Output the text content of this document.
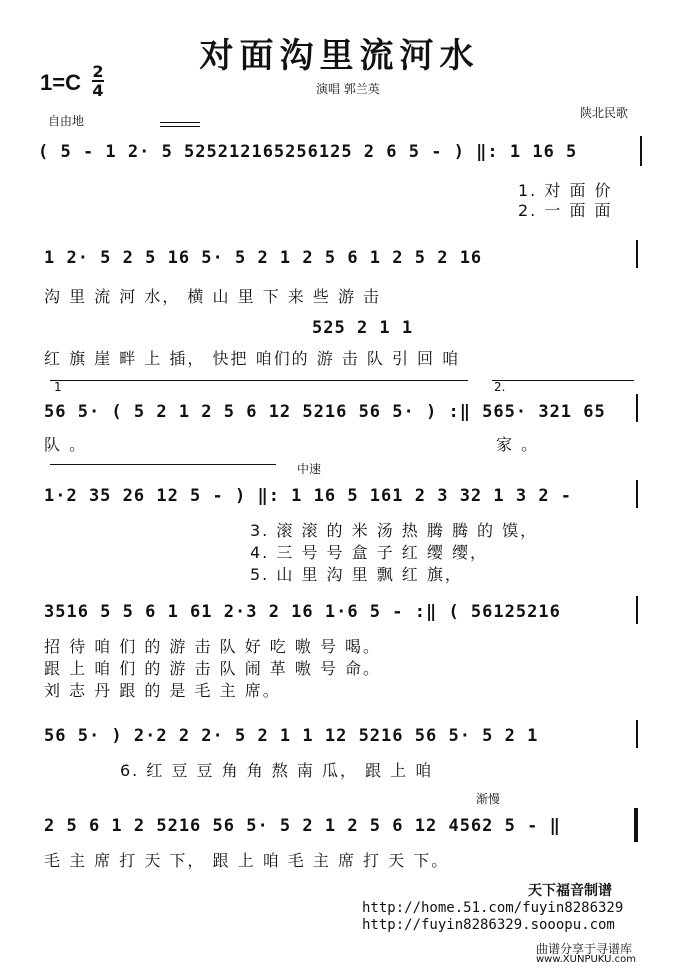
对面沟里流河水
1=C 2
4	演唱 郭兰英
陕北民歌
自由地
中速
渐慢
( 5 - 1 2· 5 525212165256125 2 6 5 - ) ‖: 1 16 5
1. 对 面 价
2. 一 面 面
1 2· 5 2 5 16 5· 5 2 1 2 5 6 1 2 5 2 16
沟 里 流 河 水， 横 山 里 下 来 些 游 击
525 2 1 1
红 旗 崖 畔 上 插， 快把 咱们的 游 击 队 引 回 咱
1	2.
56 5· ( 5 2 1 2 5 6 12 5216 56 5· ) :‖ 565· 321 65
队 。	家 。
1·2 35 26 12 5 - ) ‖: 1 16 5 161 2 3 32 1 3 2 -
3. 滚 滚 的 米 汤 热 腾 腾 的 馍，
4. 三 号 号 盒 子 红 缨 缨，
5. 山 里 沟 里 飘 红 旗，
3516 5 5 6 1 61 2·3 2 16 1·6 5 - :‖ ( 56125216
招 待 咱 们 的 游 击 队 好 吃 嗷 号 喝。
跟 上 咱 们 的 游 击 队 闹 革 嗷 号 命。
刘 志 丹 跟 的 是 毛 主 席。
56 5· ) 2·2 2 2· 5 2 1 1 12 5216 56 5· 5 2 1
6. 红 豆 豆 角 角 熬 南 瓜， 跟 上 咱
2 5 6 1 2 5216 56 5· 5 2 1 2 5 6 12 4562 5 - ‖
毛 主 席 打 天 下， 跟 上 咱 毛 主 席 打 天 下。
天下福音制谱
http://home.51.com/fuyin8286329
http://fuyin8286329.sooopu.com
曲谱分享于寻谱库
www.XUNPUKU.com
